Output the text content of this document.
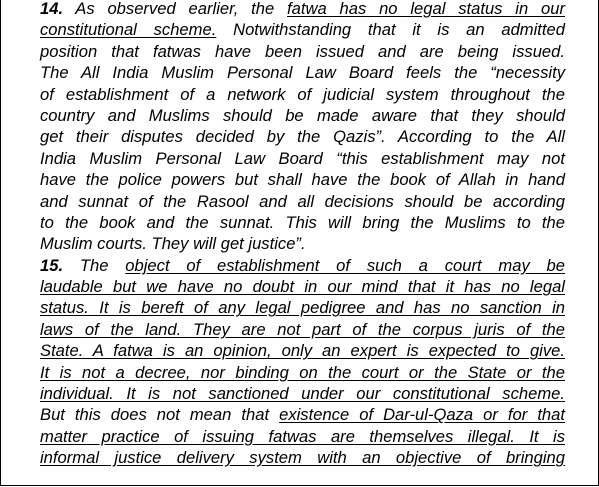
14. As observed earlier, the fatwa has no legal status in our
constitutional scheme. Notwithstanding that it is an admitted
position that fatwas have been issued and are being issued.
The All India Muslim Personal Law Board feels the “necessity
of establishment of a network of judicial system throughout the
country and Muslims should be made aware that they should
get their disputes decided by the Qazis”. According to the All
India Muslim Personal Law Board “this establishment may not
have the police powers but shall have the book of Allah in hand
and sunnat of the Rasool and all decisions should be according
to the book and the sunnat. This will bring the Muslims to the
Muslim courts. They will get justice”.
15. The object of establishment of such a court may be
laudable but we have no doubt in our mind that it has no legal
status. It is bereft of any legal pedigree and has no sanction in
laws of the land. They are not part of the corpus juris of the
State. A fatwa is an opinion, only an expert is expected to give.
It is not a decree, nor binding on the court or the State or the
individual. It is not sanctioned under our constitutional scheme.
But this does not mean that existence of Dar-ul-Qaza or for that
matter practice of issuing fatwas are themselves illegal. It is
informal justice delivery system with an objective of bringing
